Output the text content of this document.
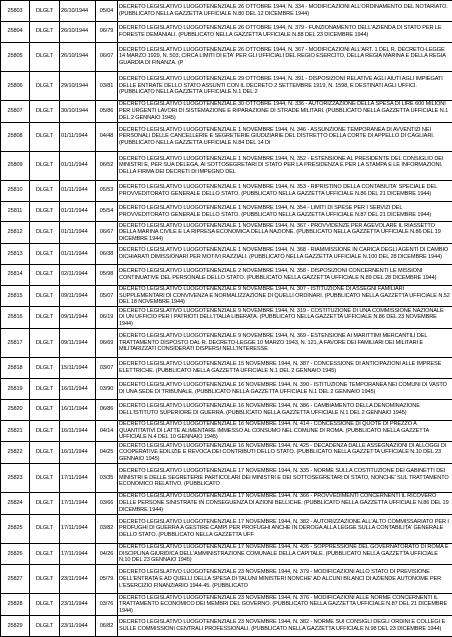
25803	DLGLT	26/10/1944	05/04	DECRETO LEGISLATIVO LUOGOTENENZIALE 26 OTTOBRE 1944, N. 334 - MODIFICAZIONI ALL'ORDINAMENTO DEL NOTARIATO. (PUBBLICATO NELLA GAZZETTA UFFICIALE N.80 DEL 12 DICEMBRE 1944)
25804	DLGLT	26/10/1944	06/79	DECRETO LEGISLATIVO LUOGOTENENZIALE 26 OTTOBRE 1944, N. 379 - FUNZIONAMENTO DELL'AZIENDA DI STATO PER LE FORESTE DEMANIALI. (PUBBLICATO NELLA GAZZETTA UFFICIALE N.88 DEL 23 DICEMBRE 1944)
25805	DLGLT	26/10/1944	06/07	DECRETO LEGISLATIVO LUOGOTENENZIALE 26 OTTOBRE 1944, N. 367 - MODIFICAZIONI ALL'ART. 1 DEL R. DECRETO-LEGGE 14 MARZO 1929, N. 503, CIRCA LIMITI DI ETA' PER GLI UFFICIALI DEL REGIO ESERCITO, DELLA REGIA MARINA E DELLA REGIA GUARDIA DI FINANZA. (P
25806	DLGLT	29/10/1944	03/81	DECRETO LEGISLATIVO LUOGOTENENZIALE 29 OTTOBRE 1944, N. 391 - DISPOSIZIONI RELATIVE AGLI AIUTI AGLI IMPIEGATI DELLE ENTRATE DELLO STATO ASSUNTI CON IL DECRETO 2 SETTEMBRE 1919, N. 1598, E DESTINATI AGLI UFFICI. (PUBBLICATO NELLA GAZZETTA UFFICIALE N.1 DEL 2
25807	DLGLT	30/10/1944	05/86	DECRETO LEGISLATIVO LUOGOTENENZIALE 30 OTTOBRE 1944, N. 336 - AUTORIZZAZIONE DELLA SPESA DI LIRE 600 MILIONI PER URGENTI LAVORI DI SISTEMAZIONE E RIPARAZIONE DI STRADE MILITARI. (PUBBLICATO NELLA GAZZETTA UFFICIALE N.1 DEL 2 GENNAIO 1945)
25808	DLGLT	01/11/1944	04/48	DECRETO LEGISLATIVO LUOGOTENENZIALE 1 NOVEMBRE 1944, N. 346 - ASSUNZIONE TEMPORANEA DI AVVENTIZI NEI PERSONALI DELLE CANCELLERIE E SEGRETERIE GIUDIZIARIE DEL DISTRETTO DELLA CORTE DI APPELLO DI CAGLIARI. (PUBBLICATO NELLA GAZZETTA UFFICIALE N.84 DEL 14 DI
25809	DLGLT	01/11/1944	06/52	DECRETO LEGISLATIVO LUOGOTENENZIALE 1 NOVEMBRE 1944, N. 352 - ESTENSIONE AL PRESIDENTE DEL CONSIGLIO DEI MINISTRI E, PER SUA DELEGA, AI SOTTOSEGRETARI DI STATO PER LA PRESIDENZA E PER LA STAMPA E LE INFORMAZIONI, DELLA FIRMA DEI DECRETI DI IMPEGNO DEL
25810	DLGLT	01/11/1944	05/53	DECRETO LEGISLATIVO LUOGOTENENZIALE 1 NOVEMBRE 1944, N. 353 - RIPRISTINO DELLA CONTABILITA' SPECIALE DEL PROVVEDITORATO GENERALE DELLO STATO. (PUBBLICATO NELLA GAZZETTA UFFICIALE N.86 DEL 21 DICEMBRE 1944)
25811	DLGLT	01/11/1944	05/54	DECRETO LEGISLATIVO LUOGOTENENZIALE 1 NOVEMBRE 1944, N. 354 - LIMITI DI SPESE PER I SERVIZI DEL PROVVEDITORATO GENERALE DELLO STATO. (PUBBLICATO NELLA GAZZETTA UFFICIALE N.87 DEL 21 DICEMBRE 1944)
25812	DLGLT	01/11/1944	06/67	DECRETO LEGISLATIVO LUOGOTENENZIALE 1 NOVEMBRE 1944, N. 367 - PROVVIDENZE PER AGEVOLARE IL RIASSETTO DELLA MARINA CIVILE E LA RIPRESA ECONOMICA DELLA NAZIONE. (PUBBLICATO NELLA GAZZETTA UFFICIALE N.86 DEL 19 DICEMBRE 1944)
25813	DLGLT	01/11/1944	06/38	DECRETO LEGISLATIVO LUOGOTENENZIALE 1 NOVEMBRE 1944, N. 368 - RIAMMISSIONE IN CARICA DEGLI AGENTI DI CAMBIO DICHIARATI DIMISSIONARI PER MOTIVI RAZZIALI. (PUBBLICATO NELLA GAZZETTA UFFICIALE N.100 DEL 28 DICEMBRE 1944)
25814	DLGLT	02/11/1944	05/98	DECRETO LEGISLATIVO LUOGOTENENZIALE 2 NOVEMBRE 1944, N. 358 - DISPOSIZIONI CONCERNENTI LE MISSIONI CONTINUATIVE DEL PERSONALE DELLO STATO. (PUBBLICATO NELLA GAZZETTA UFFICIALE N.89 DEL 28 DICEMBRE 1944)
25815	DLGLT	09/11/1944	05/07	DECRETO LEGISLATIVO LUOGOTENENZIALE 9 NOVEMBRE 1944, N. 307 - ISTITUZIONE DI ASSEGNI FAMILIARI SUPPLEMENTARI DI CONVIVENZA E NORMALIZZAZIONE DI QUELLI ORDINARI. (PUBBLICATO NELLA GAZZETTA UFFICIALE N.52 DEL 18 NOVEMBRE 1944)
25816	DLGLT	09/11/1944	06/19	DECRETO LEGISLATIVO LUOGOTENENZIALE 9 NOVEMBRE 1944, N. 319 - COSTITUZIONE DI UNA COMMISSIONE NAZIONALE DI UN UFFICIO PER I PATRIOTI DELL'ITALIA LIBERATA. (PUBBLICATO NELLA GAZZETTA UFFICIALE N.86 DEL 23 NOVEMBRE 1944)
25817	DLGLT	09/11/1944	06/69	DECRETO LEGISLATIVO LUOGOTENENZIALE 9 NOVEMBRE 1944, N. 369 - ESTENSIONE AI MARITTIMI MERCANTILI DEL TRATTAMENTO DISPOSTO DAL R. DECRETO-LEGGE 10 MARZO 1943, N. 121, A FAVORE DEI FAMILIARI DEI MILITARI E MILITARIZZATI CONSIDERATI DISPERSI NELL'INTERESSE
25818	DLGLT	15/11/1944	03/07	DECRETO LEGISLATIVO LUOGOTENENZIALE 15 NOVEMBRE 1944, N. 387 - CONCESSIONE DI ANTICIPAZIONI ALLE IMPRESE ELETTRICHE. (PUBBLICATO NELLA GAZZETTA UFFICIALE N.1 DEL 2 GENNAIO 1945)
25819	DLGLT	16/11/1944	03/90	DECRETO LEGISLATIVO LUOGOTENENZIALE 16 NOVEMBRE 1944, N. 390 - ISTITUZIONE TEMPORANEA NEI COMUNI DI VASTO DI UNA SEDE DI TRIBUNALE. (PUBBLICATO NELLA GAZZETTA UFFICIALE N.1 DEL 2 GENNAIO 1945)
25820	DLGLT	16/11/1944	06/86	DECRETO LEGISLATIVO LUOGOTENENZIALE 16 NOVEMBRE 1944, N. 386 - CAMBIAMENTO DELLA DENOMINAZIONE DELL'ISTITUTO SUPERIORE DI GUERRA. (PUBBLICATO NELLA GAZZETTA UFFICIALE N.1 DEL 2 GENNAIO 1945)
25821	DLGLT	16/11/1944	04/14	DECRETO LEGISLATIVO LUOGOTENENZIALE 16 NOVEMBRE 1944, N. 414 - CONCESSIONE DI QUOTE DI PREZZO A QUANTITATIVI DI LATTE ALIMENTARE IMMESSO AL CONSUMO NEL COMUNE DI ROMA. (PUBBLICATO NELLA GAZZETTA UFFICIALE N.4 DEL 10 GENNAIO 1945)
25822	DLGLT	16/11/1944	04/25	DECRETO LEGISLATIVO LUOGOTENENZIALE 16 NOVEMBRE 1944, N. 425 - DECADENZA DALLE ASSEGNAZIONI DI ALLOGGI DI COOPERATIVE EDILIZIE E REVOCA DEI CONTRIBUTI DELLO STATO. (PUBBLICATO NELLA GAZZETTA UFFICIALE N.10 DEL 23 GENNAIO 1945)
25823	DLGLT	17/11/1944	03/35	DECRETO LEGISLATIVO LUOGOTENENZIALE 17 NOVEMBRE 1944, N. 335 - NORME SULLA COSTITUZIONE DEI GABINETTI DEI MINISTRI E DELLE SEGRETERIE PARTICOLARI DEI MINISTRI E DEI SOTTOSEGRETARI DI STATO, NONCHE' SUL TRATTAMENTO ECONOMICO RELATIVO. (PUBBLICATO
25824	DLGLT	17/11/1944	03/66	DECRETO LEGISLATIVO LUOGOTENENZIALE 17 NOVEMBRE 1944, N. 366 - PROVVEDIMENTI CONCERNENTI IL RICOVERO DELLE PERSONE SINISTRATE IN CONSEGUENZA DI AZIONI BELLICHE. (PUBBLICATO NELLA GAZZETTA UFFICIALE N.86 DEL 19 DICEMBRE 1944)
25825	DLGLT	17/11/1944	03/82	DECRETO LEGISLATIVO LUOGOTENENZIALE 17 NOVEMBRE 1944, N. 382 - AUTORIZZAZIONE ALL'ALTO COMMISSARIATO PER I PROFUGHI DI GUERRA A GESTIRE CAMPI PER PROFUGHI ANCHE IN DEROGA ALLA LEGGE SULLA CONTABILITA' GENERALE DELLO STATO. (PUBBLICATO NELLA GAZZETTA UFF
25826	DLGLT	17/11/1944	04/26	DECRETO LEGISLATIVO LUOGOTENENZIALE 17 NOVEMBRE 1944, N. 426 - SOPPRESSIONE DEL GOVERNATORATO DI ROMA E DISCIPLINA GIURIDICA DELL'AMMINISTRAZIONE COMUNALE DELLA CAPITALE. (PUBBLICATO NELLA GAZZETTA UFFICIALE N.10 DEL 23 GENNAIO 1945)
25827	DLGLT	23/11/1944	05/79	DECRETO LEGISLATIVO LUOGOTENENZIALE 23 NOVEMBRE 1944, N. 379 - MODIFICAZIONI ALLO STATO DI PREVISIONE DELL'ENTRATA E AD QUELLI DELLA SPESA DI TALUNI MINISTERI NONCHE' AD ALCUNI BILANCI DI AZIENDE AUTONOME PER L'ESERCIZIO FINANZIARIO 1944-45. (PUBBLICATO
25828	DLGLT	23/11/1944	03/76	DECRETO LEGISLATIVO LUOGOTENENZIALE 23 NOVEMBRE 1944, N. 376 - MODIFICAZIONI ALLE NORME CONCERNENTI IL TRATTAMENTO ECONOMICO DEI MEMBRI DEL GOVERNO. (PUBBLICATO NELLA GAZZETTA UFFICIALE N.87 DEL 21 DICEMBRE 1944)
25829	DLGLT	23/11/1944	06/82	DECRETO LEGISLATIVO LUOGOTENENZIALE 23 NOVEMBRE 1944, N. 382 - NORME SUI CONSIGLI DEGLI ORDINI E COLLEGI E SULLE COMMISSIONI CENTRALI PROFESSIONALI. (PUBBLICATO NELLA GAZZETTA UFFICIALE N.98 DEL 23 DICEMBRE 1944)
